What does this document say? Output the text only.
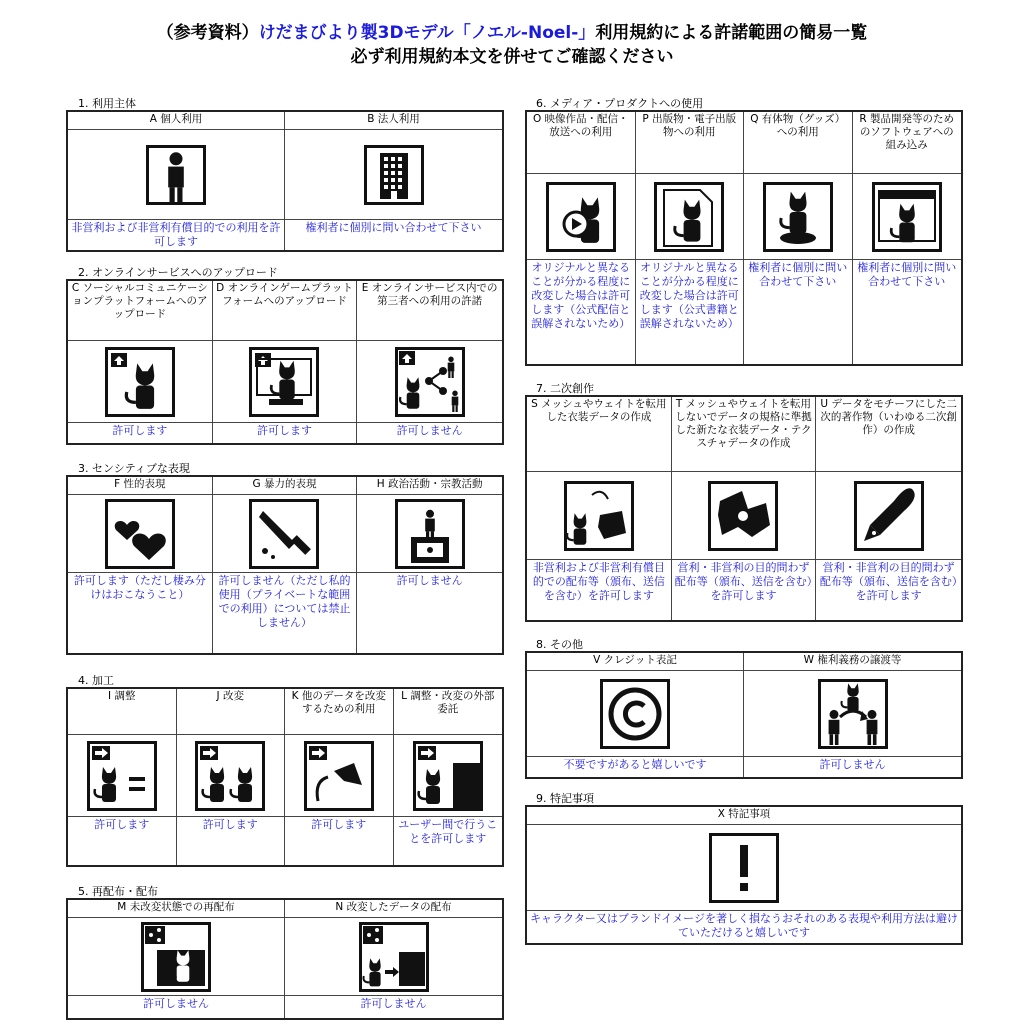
（参考資料）けだまびより製3Dモデル「ノエル-Noel-」利用規約による許諾範囲の簡易一覧
必ず利用規約本文を併せてご確認ください
1. 利用主体
A 個人利用
非営利および非営利有償目的での利用を許可します
B 法人利用
権利者に個別に問い合わせて下さい
2. オンラインサービスへのアップロード
C ソーシャルコミュニケーションプラットフォームへのアップロード
許可します
D オンラインゲームプラットフォームへのアップロード
許可します
E オンラインサービス内での第三者への利用の許諾
許可しません
3. センシティブな表現
F 性的表現
許可します（ただし棲み分けはおこなうこと）
G 暴力的表現
許可しません（ただし私的使用（プライベートな範囲での利用）については禁止しません）
H 政治活動・宗教活動
許可しません
4. 加工
I 調整
許可します
J 改変
許可します
K 他のデータを改変するための利用
許可します
L 調整・改変の外部委託
ユーザー間で行うことを許可します
5. 再配布・配布
M 未改変状態での再配布
許可しません
N 改変したデータの配布
許可しません
6. メディア・プロダクトへの使用
O 映像作品・配信・放送への利用
オリジナルと異なることが分かる程度に改変した場合は許可します（公式配信と誤解されないため）
P 出版物・電子出版物への利用
オリジナルと異なることが分かる程度に改変した場合は許可します（公式書籍と誤解されないため）
Q 有体物（グッズ）への利用
権利者に個別に問い合わせて下さい
R 製品開発等のためのソフトウェアへの組み込み
権利者に個別に問い合わせて下さい
7. 二次創作
S メッシュやウェイトを転用した衣装データの作成
非営利および非営利有償目的での配布等（頒布、送信を含む）を許可します
T メッシュやウェイトを転用しないでデータの規格に準拠した新たな衣装データ・テクスチャデータの作成
営利・非営利の目的問わず配布等（頒布、送信を含む）を許可します
U データをモチーフにした二次的著作物（いわゆる二次創作）の作成
営利・非営利の目的問わず配布等（頒布、送信を含む）を許可します
8. その他
V クレジット表記
不要ですがあると嬉しいです
W 権利義務の譲渡等
許可しません
9. 特記事項
X 特記事項
キャラクター又はブランドイメージを著しく損なうおそれのある表現や利用方法は避けていただけると嬉しいです
